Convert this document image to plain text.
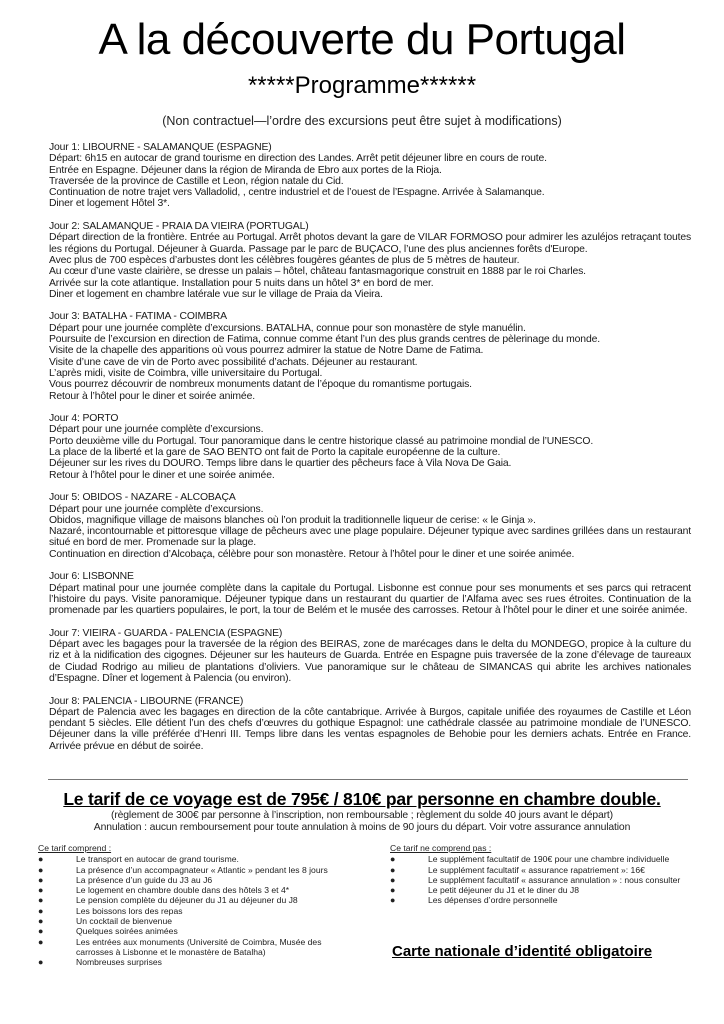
A la découverte du Portugal
*****Programme******
(Non contractuel—l’ordre des excursions peut être sujet à modifications)

Jour 1: LIBOURNE - SALAMANQUE (ESPAGNE)

Départ: 6h15 en autocar de grand tourisme en direction des Landes. Arrêt petit déjeuner libre en cours de route.

Entrée en Espagne. Déjeuner dans la région de Miranda de Ebro aux portes de la Rioja.

Traversée de la province de Castille et Leon, région natale du Cid.

Continuation de notre trajet vers Valladolid, , centre industriel et de l’ouest de l’Espagne. Arrivée à Salamanque.

Diner et logement Hôtel 3*.

Jour 2: SALAMANQUE - PRAIA DA VIEIRA (PORTUGAL)

Départ direction de la frontière. Entrée au Portugal. Arrêt photos devant la gare de VILAR FORMOSO pour admirer les azuléjos retraçant toutes les régions du Portugal. Déjeuner à Guarda. Passage par le parc de BUÇACO, l’une des plus anciennes forêts d'Europe.

Avec plus de 700 espèces d’arbustes dont les célèbres fougères géantes de plus de 5 mètres de hauteur.

Au cœur d’une vaste clairière, se dresse un palais – hôtel, château fantasmagorique construit en 1888 par le roi Charles.

Arrivée sur la cote atlantique. Installation pour 5 nuits dans un hôtel 3* en bord de mer.

Diner et logement en chambre latérale vue sur le village de Praia da Vieira.

Jour 3: BATALHA - FATIMA - COIMBRA

Départ pour une journée complète d’excursions. BATALHA, connue pour son monastère de style manuélin.

Poursuite de l’excursion en direction de Fatima, connue comme étant l’un des plus grands centres de pèlerinage du monde.

Visite de la chapelle des apparitions où vous pourrez admirer la statue de Notre Dame de Fatima.

Visite d’une cave de vin de Porto avec possibilité d’achats. Déjeuner au restaurant.

L’après midi, visite de Coimbra, ville universitaire du Portugal.

Vous pourrez découvrir de nombreux monuments datant de l’époque du romantisme portugais.

Retour à l’hôtel pour le diner et soirée animée.

Jour 4: PORTO

Départ pour une journée complète d’excursions.

Porto deuxième ville du Portugal. Tour panoramique dans le centre historique classé au patrimoine mondial de l’UNESCO.

La place de la liberté et la gare de SAO BENTO ont fait de Porto la capitale européenne de la culture.

Déjeuner sur les rives du DOURO. Temps libre dans le quartier des pêcheurs face à Vila Nova De Gaia.

Retour à l’hôtel pour le diner et une soirée animée.

Jour 5: OBIDOS - NAZARE - ALCOBAÇA

Départ pour une journée complète d’excursions.

Obidos, magnifique village de maisons blanches où l’on produit la traditionnelle liqueur de cerise: « le Ginja ».

Nazaré, incontournable et pittoresque village de pêcheurs avec une plage populaire. Déjeuner typique avec sardines grillées dans un restaurant situé en bord de mer. Promenade sur la plage.

Continuation en direction d’Alcobaça, célèbre pour son monastère. Retour à l’hôtel pour le diner et une soirée animée.

Jour 6: LISBONNE

Départ matinal pour une journée complète dans la capitale du Portugal. Lisbonne est connue pour ses monuments et ses parcs qui retracent l’histoire du pays. Visite panoramique. Déjeuner typique dans un restaurant du quartier de l’Alfama avec ses rues étroites. Continuation de la promenade par les quartiers populaires, le port, la tour de Belém et le musée des carrosses. Retour à l’hôtel pour le diner et une soirée animée.

Jour 7: VIEIRA - GUARDA - PALENCIA (ESPAGNE)

Départ avec les bagages pour la traversée de la région des BEIRAS, zone de marécages dans le delta du MONDEGO, propice à la culture du riz et à la nidification des cigognes. Déjeuner sur les hauteurs de Guarda. Entrée en Espagne puis traversée de la zone d’élevage de taureaux de Ciudad Rodrigo au milieu de plantations d’oliviers. Vue panoramique sur le château de SIMANCAS qui abrite les archives nationales d’Espagne. Dîner et logement à Palencia (ou environ).

Jour 8: PALENCIA - LIBOURNE (FRANCE)

Départ de Palencia avec les bagages en direction de la côte cantabrique. Arrivée à Burgos, capitale unifiée des royaumes de Castille et Léon pendant 5 siècles. Elle détient l’un des chefs d’œuvres du gothique Espagnol: une cathédrale classée au patrimoine mondiale de l’UNESCO. Déjeuner dans la ville préférée d’Henri III. Temps libre dans les ventas espagnoles de Behobie pour les derniers achats. Entrée en France. Arrivée prévue en début de soirée.

Le tarif de ce voyage est de 795€ / 810€ par personne en chambre double.
(règlement de 300€ par personne à l’inscription, non remboursable ; règlement du solde 40 jours avant le départ)
Annulation : aucun remboursement pour toute annulation à moins de 90 jours du départ. Voir votre assurance annulation
Ce tarif comprend :
●	Le transport en autocar de grand tourisme.
●	La présence d’un accompagnateur « Atlantic » pendant les 8 jours
●	La présence d’un guide du J3 au J6
●	Le logement en chambre double dans des hôtels 3 et 4*
●	Le pension complète du déjeuner du J1 au déjeuner du J8
●	Les boissons lors des repas
●	Un cocktail de bienvenue
●	Quelques soirées animées
●	Les entrées aux monuments (Université de Coimbra, Musée des carrosses à Lisbonne et le monastère de Batalha)
●	Nombreuses surprises
Ce tarif ne comprend pas :
●	Le supplément facultatif de 190€ pour une chambre individuelle
●	Le supplément facultatif « assurance rapatriement »: 16€
●	Le supplément facultatif « assurance annulation » : nous consulter
●	Le petit déjeuner du J1 et le diner du J8
●	Les dépenses d’ordre personnelle
Carte nationale d’identité obligatoire
